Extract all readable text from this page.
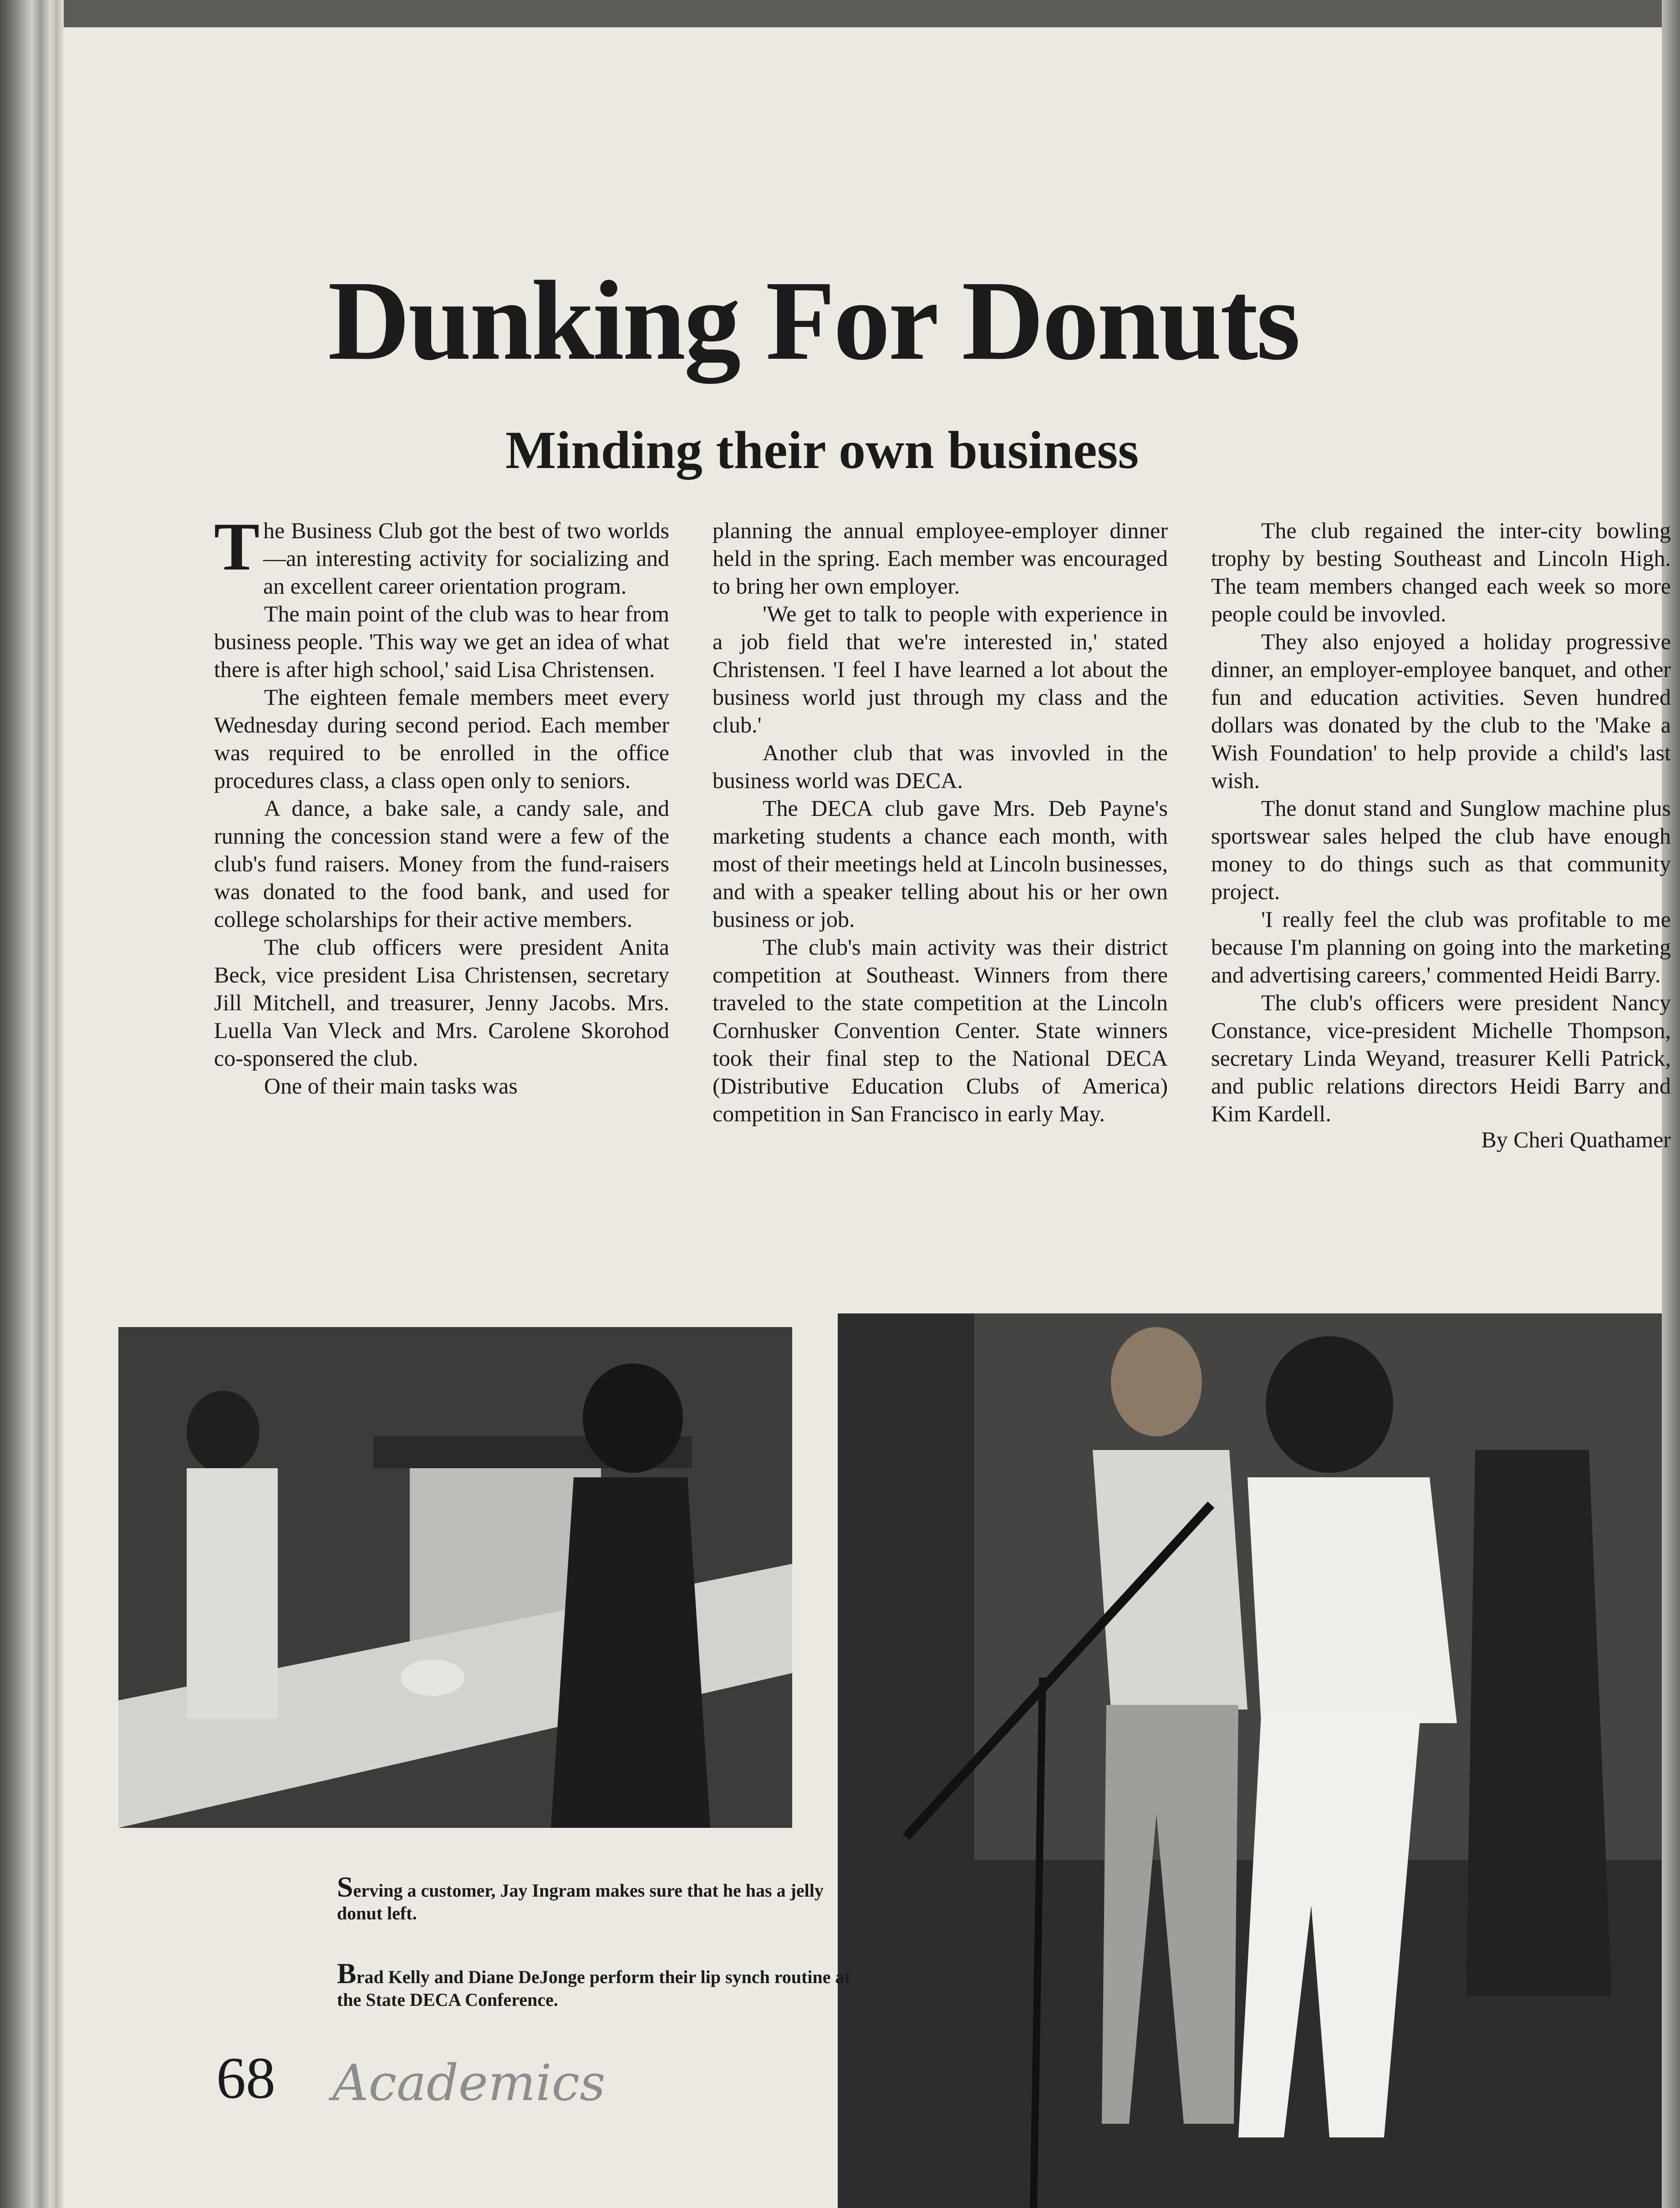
Dunking For Donuts
Minding their own business

The Business Club got the best of two worlds—an interesting activity for socializing and an excellent career orientation program.

The main point of the club was to hear from business people. 'This way we get an idea of what there is after high school,' said Lisa Christensen.

The eighteen female members meet every Wednesday during second period. Each member was required to be enrolled in the office procedures class, a class open only to seniors.

A dance, a bake sale, a candy sale, and running the concession stand were a few of the club's fund raisers. Money from the fund-raisers was donated to the food bank, and used for college scholarships for their active members.

The club officers were president Anita Beck, vice president Lisa Christensen, secretary Jill Mitchell, and treasurer, Jenny Jacobs. Mrs. Luella Van Vleck and Mrs. Carolene Skorohod co-sponsered the club.

One of their main tasks was

planning the annual employee-employer dinner held in the spring. Each member was encouraged to bring her own employer.

'We get to talk to people with experience in a job field that we're interested in,' stated Christensen. 'I feel I have learned a lot about the business world just through my class and the club.'

Another club that was invovled in the business world was DECA.

The DECA club gave Mrs. Deb Payne's marketing students a chance each month, with most of their meetings held at Lincoln businesses, and with a speaker telling about his or her own business or job.

The club's main activity was their district competition at Southeast. Winners from there traveled to the state competition at the Lincoln Cornhusker Convention Center. State winners took their final step to the National DECA (Distributive Education Clubs of America) competition in San Francisco in early May.

The club regained the inter-city bowling trophy by besting Southeast and Lincoln High. The team members changed each week so more people could be invovled.

They also enjoyed a holiday progressive dinner, an employer-employee banquet, and other fun and education activities. Seven hundred dollars was donated by the club to the 'Make a Wish Foundation' to help provide a child's last wish.

The donut stand and Sunglow machine plus sportswear sales helped the club have enough money to do things such as that community project.

'I really feel the club was profitable to me because I'm planning on going into the marketing and advertising careers,' commented Heidi Barry.

The club's officers were president Nancy Constance, vice-president Michelle Thompson, secretary Linda Weyand, treasurer Kelli Patrick, and public relations directors Heidi Barry and Kim Kardell.

By Cheri Quathamer
Serving a customer, Jay Ingram makes sure that he has a jelly donut left.
Brad Kelly and Diane DeJonge perform their lip synch routine at the State DECA Conference.
68 Academics
